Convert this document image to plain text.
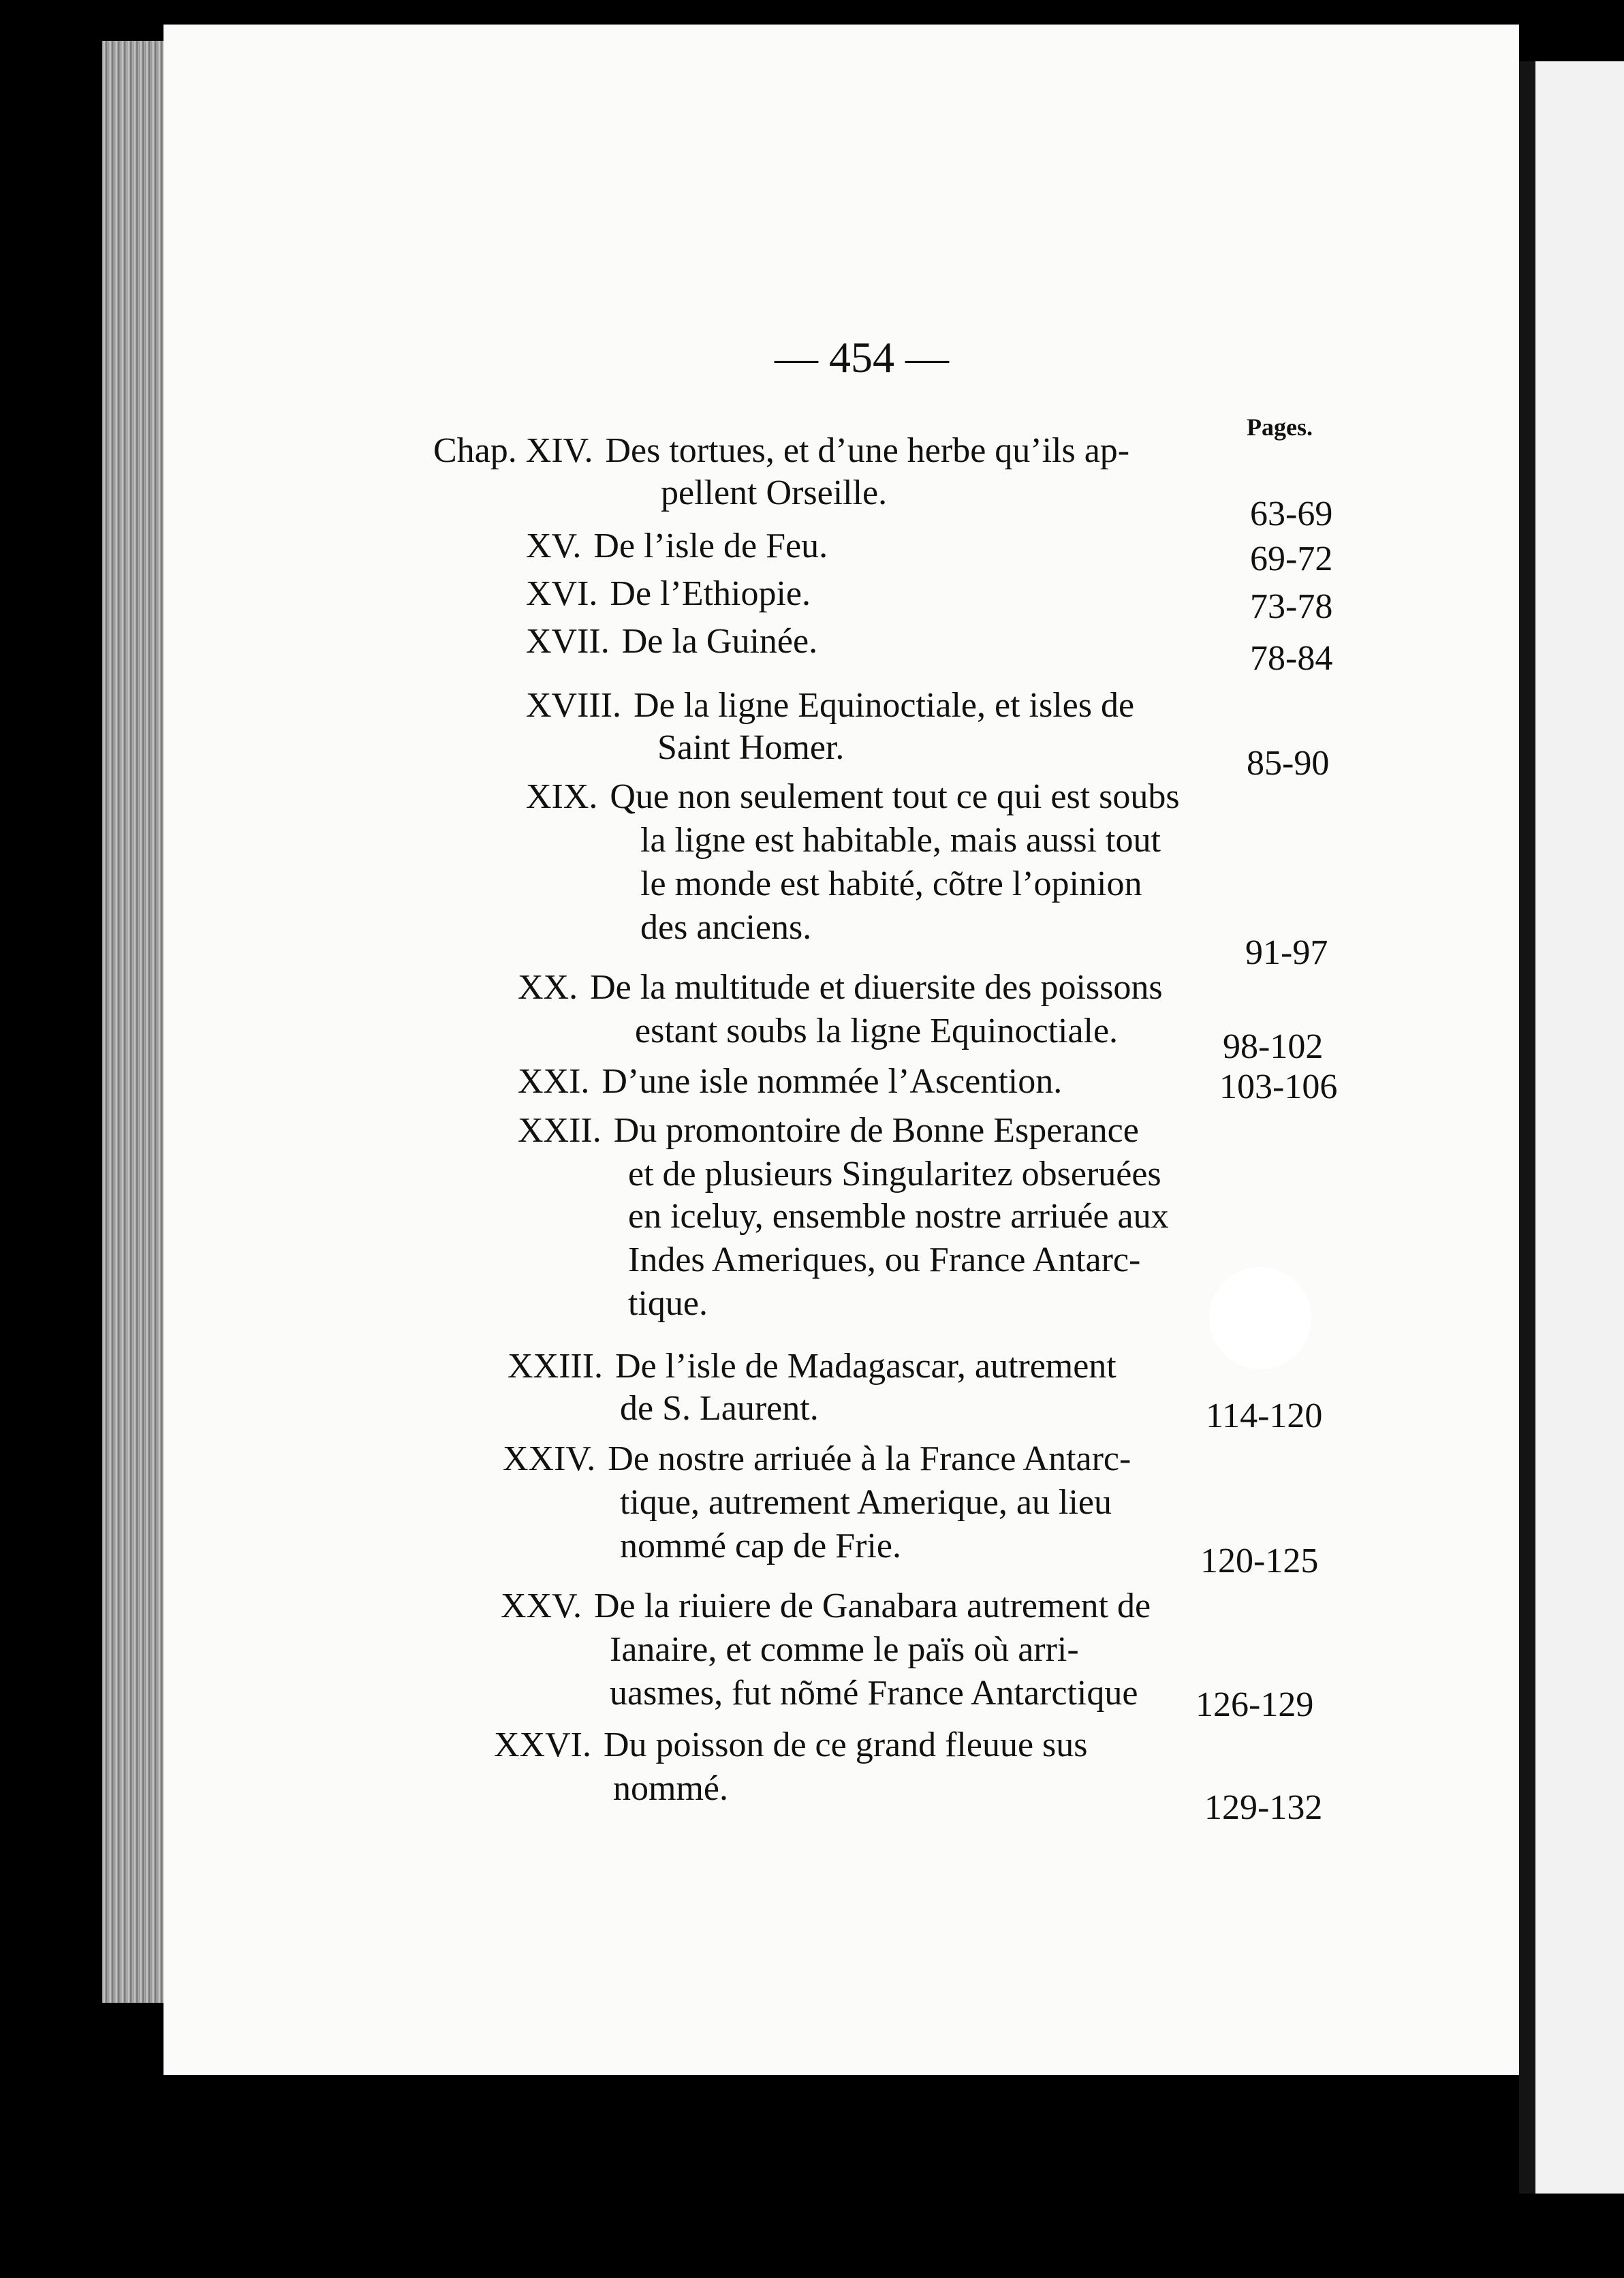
— 454 —
Pages.
Chap. XIV. Des tortues, et d’une herbe qu’ils ap-
pellent Orseille.
63-69
XV. De l’isle de Feu.	69-72
XVI. De l’Ethiopie.	73-78
XVII. De la Guinée.	78-84
XVIII. De la ligne Equinoctiale, et isles de
Saint Homer.	85-90
XIX. Que non seulement tout ce qui est soubs
la ligne est habitable, mais aussi tout
le monde est habité, cõtre l’opinion
des anciens.
91-97
XX. De la multitude et diuersite des poissons
estant soubs la ligne Equinoctiale.	98-102
XXI. D’une isle nommée l’Ascention.	103-106
XXII. Du promontoire de Bonne Esperance
et de plusieurs Singularitez obseruées
en iceluy, ensemble nostre arriuée aux
Indes Ameriques, ou France Antarc-
tique.
XXIII. De l’isle de Madagascar, autrement
de S. Laurent.	114-120
XXIV. De nostre arriuée à la France Antarc-
tique, autrement Amerique, au lieu
nommé cap de Frie.	120-125
XXV. De la riuiere de Ganabara autrement de
Ianaire, et comme le païs où arri-
uasmes, fut nõmé France Antarctique 126-129
XXVI. Du poisson de ce grand fleuue sus
nommé.	129-132
